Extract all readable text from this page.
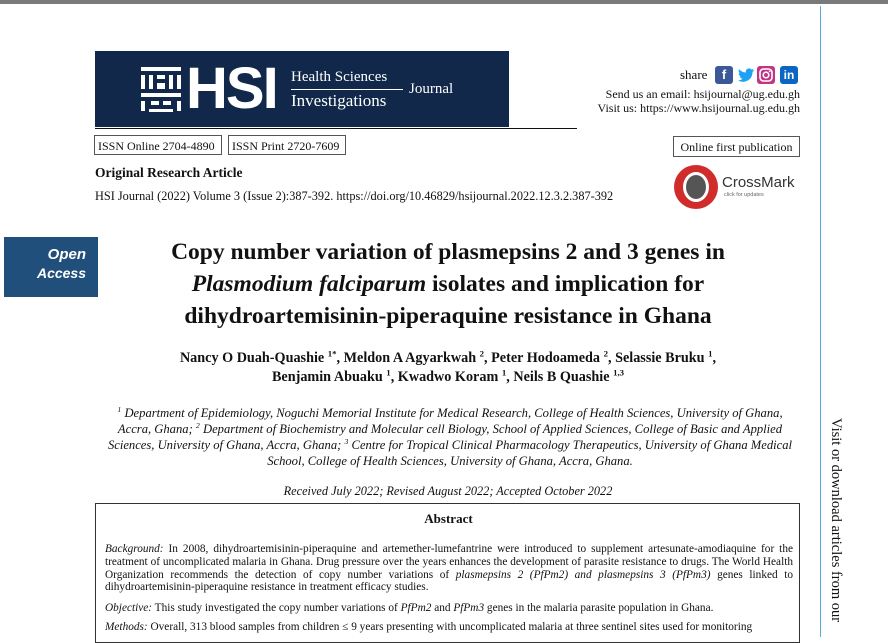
Visit or download articles from our
HSI Health Sciences
Investigations
Journal
share	f	in
Send us an email: hsijournal@ug.edu.gh
Visit us: https://www.hsijournal.ug.edu.gh
ISSN Online 2704-4890	ISSN Print 2720-7609	Online first publication
Original Research Article
HSI Journal (2022) Volume 3 (Issue 2):387-392. https://doi.org/10.46829/hsijournal.2022.12.3.2.387-392
CrossMark
click for updates
Open
Access
Copy number variation of plasmepsins 2 and 3 genes in
Plasmodium falciparum isolates and implication for
dihydroartemisinin-piperaquine resistance in Ghana
Nancy O Duah-Quashie $^{1*}$, Meldon A Agyarkwah $^2$, Peter Hodoameda $^2$, Selassie Bruku $^1$,
Benjamin Abuaku $^1$, Kwadwo Koram $^1$, Neils B Quashie $^{1,3}$
$^1$ Department of Epidemiology, Noguchi Memorial Institute for Medical Research, College of Health Sciences, University of Ghana, Accra, Ghana; $^2$ Department of Biochemistry and Molecular cell Biology, School of Applied Sciences, College of Basic and Applied Sciences, University of Ghana, Accra, Ghana; $^3$ Centre for Tropical Clinical Pharmacology Therapeutics, University of Ghana Medical School, College of Health Sciences, University of Ghana, Accra, Ghana.
Received July 2022; Revised August 2022; Accepted October 2022
Abstract
Background: In 2008, dihydroartemisinin-piperaquine and artemether-lumefantrine were introduced to supplement artesunate-amodiaquine for the treatment of uncomplicated malaria in Ghana. Drug pressure over the years enhances the development of parasite resistance to drugs. The World Health Organization recommends the detection of copy number variations of plasmepsins 2 (PfPm2) and plasmepsins 3 (PfPm3) genes linked to dihydroartemisinin-piperaquine resistance in treatment efficacy studies.
Objective: This study investigated the copy number variations of PfPm2 and PfPm3 genes in the malaria parasite population in Ghana.
Methods: Overall, 313 blood samples from children ≤ 9 years presenting with uncomplicated malaria at three sentinel sites used for monitoring
